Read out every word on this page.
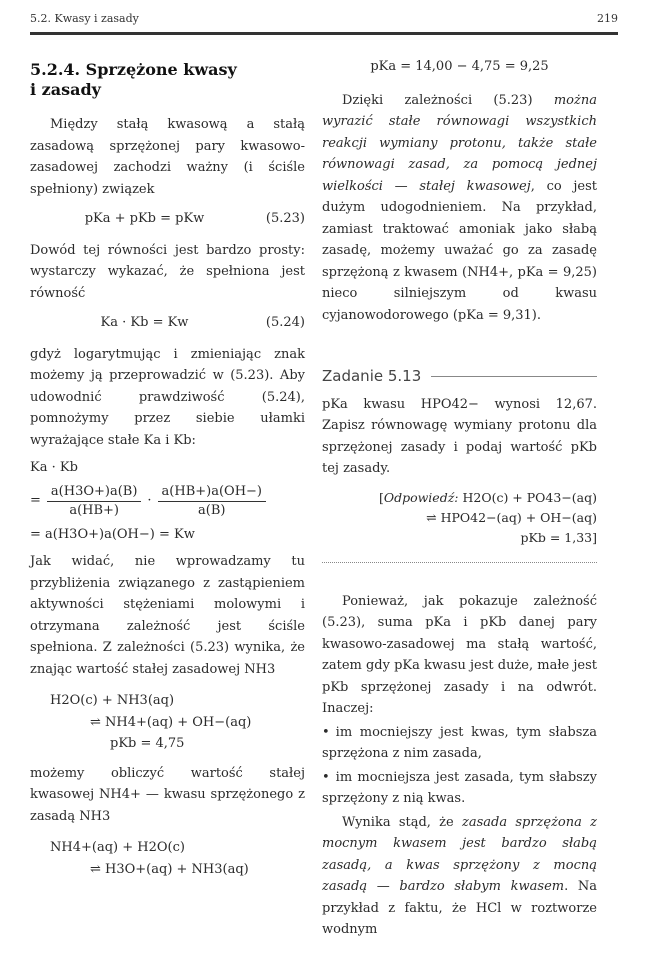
5.2. Kwasy i zasady	219
5.2.4. Sprzężone kwasy
i zasady

Między stałą kwasową a stałą zasadową sprzężonej pary kwasowo-zasadowej zachodzi ważny (i ściśle spełniony) związek

pKa + pKb = pKw	(5.23)

Dowód tej równości jest bardzo prosty: wystarczy wykazać, że spełniona jest równość

Ka · Kb = Kw	(5.24)

gdyż logarytmując i zmieniając znak możemy ją przeprowadzić w (5.23). Aby udowodnić prawdziwość (5.24), pomnożymy przez siebie ułamki wyrażające stałe Ka i Kb:

Ka · Kb
= $\frac{a(H3O+)a(B)}{a(HB+)} \cdot \frac{a(HB+)a(OH-)}{a(B)}$
= a(H3O+)a(OH−) = Kw

Jak widać, nie wprowadzamy tu przybliżenia związanego z zastąpieniem aktywności stężeniami molowymi i otrzymana zależność jest ściśle spełniona. Z zależności (5.23) wynika, że znając wartość stałej zasadowej NH3

H2O(c) + NH3(aq)
⇌ NH4+(aq) + OH−(aq)
pKb = 4,75

możemy obliczyć wartość stałej kwasowej NH4+ — kwasu sprzężonego z zasadą NH3

NH4+(aq) + H2O(c)
⇌ H3O+(aq) + NH3(aq)
pKa = 14,00 − 4,75 = 9,25

Dzięki zależności (5.23) można wyrazić stałe równowagi wszystkich reakcji wymiany protonu, także stałe równowagi zasad, za pomocą jednej wielkości — stałej kwasowej, co jest dużym udogodnieniem. Na przykład, zamiast traktować amoniak jako słabą zasadę, możemy uważać go za zasadę sprzężoną z kwasem (NH4+, pKa = 9,25) nieco silniejszym od kwasu cyjanowodorowego (pKa = 9,31).

Zadanie 5.13

pKa kwasu HPO42− wynosi 12,67. Zapisz równowagę wymiany protonu dla sprzężonej zasady i podaj wartość pKb tej zasady.

[Odpowiedź: H2O(c) + PO43−(aq)
⇌ HPO42−(aq) + OH−(aq)
pKb = 1,33]

Ponieważ, jak pokazuje zależność (5.23), suma pKa i pKb danej pary kwasowo-zasadowej ma stałą wartość, zatem gdy pKa kwasu jest duże, małe jest pKb sprzężonej zasady i na odwrót. Inaczej:

• im mocniejszy jest kwas, tym słabsza sprzężona z nim zasada,
• im mocniejsza jest zasada, tym słabszy sprzężony z nią kwas.

Wynika stąd, że zasada sprzężona z mocnym kwasem jest bardzo słabą zasadą, a kwas sprzężony z mocną zasadą — bardzo słabym kwasem. Na przykład z faktu, że HCl w roztworze wodnym
